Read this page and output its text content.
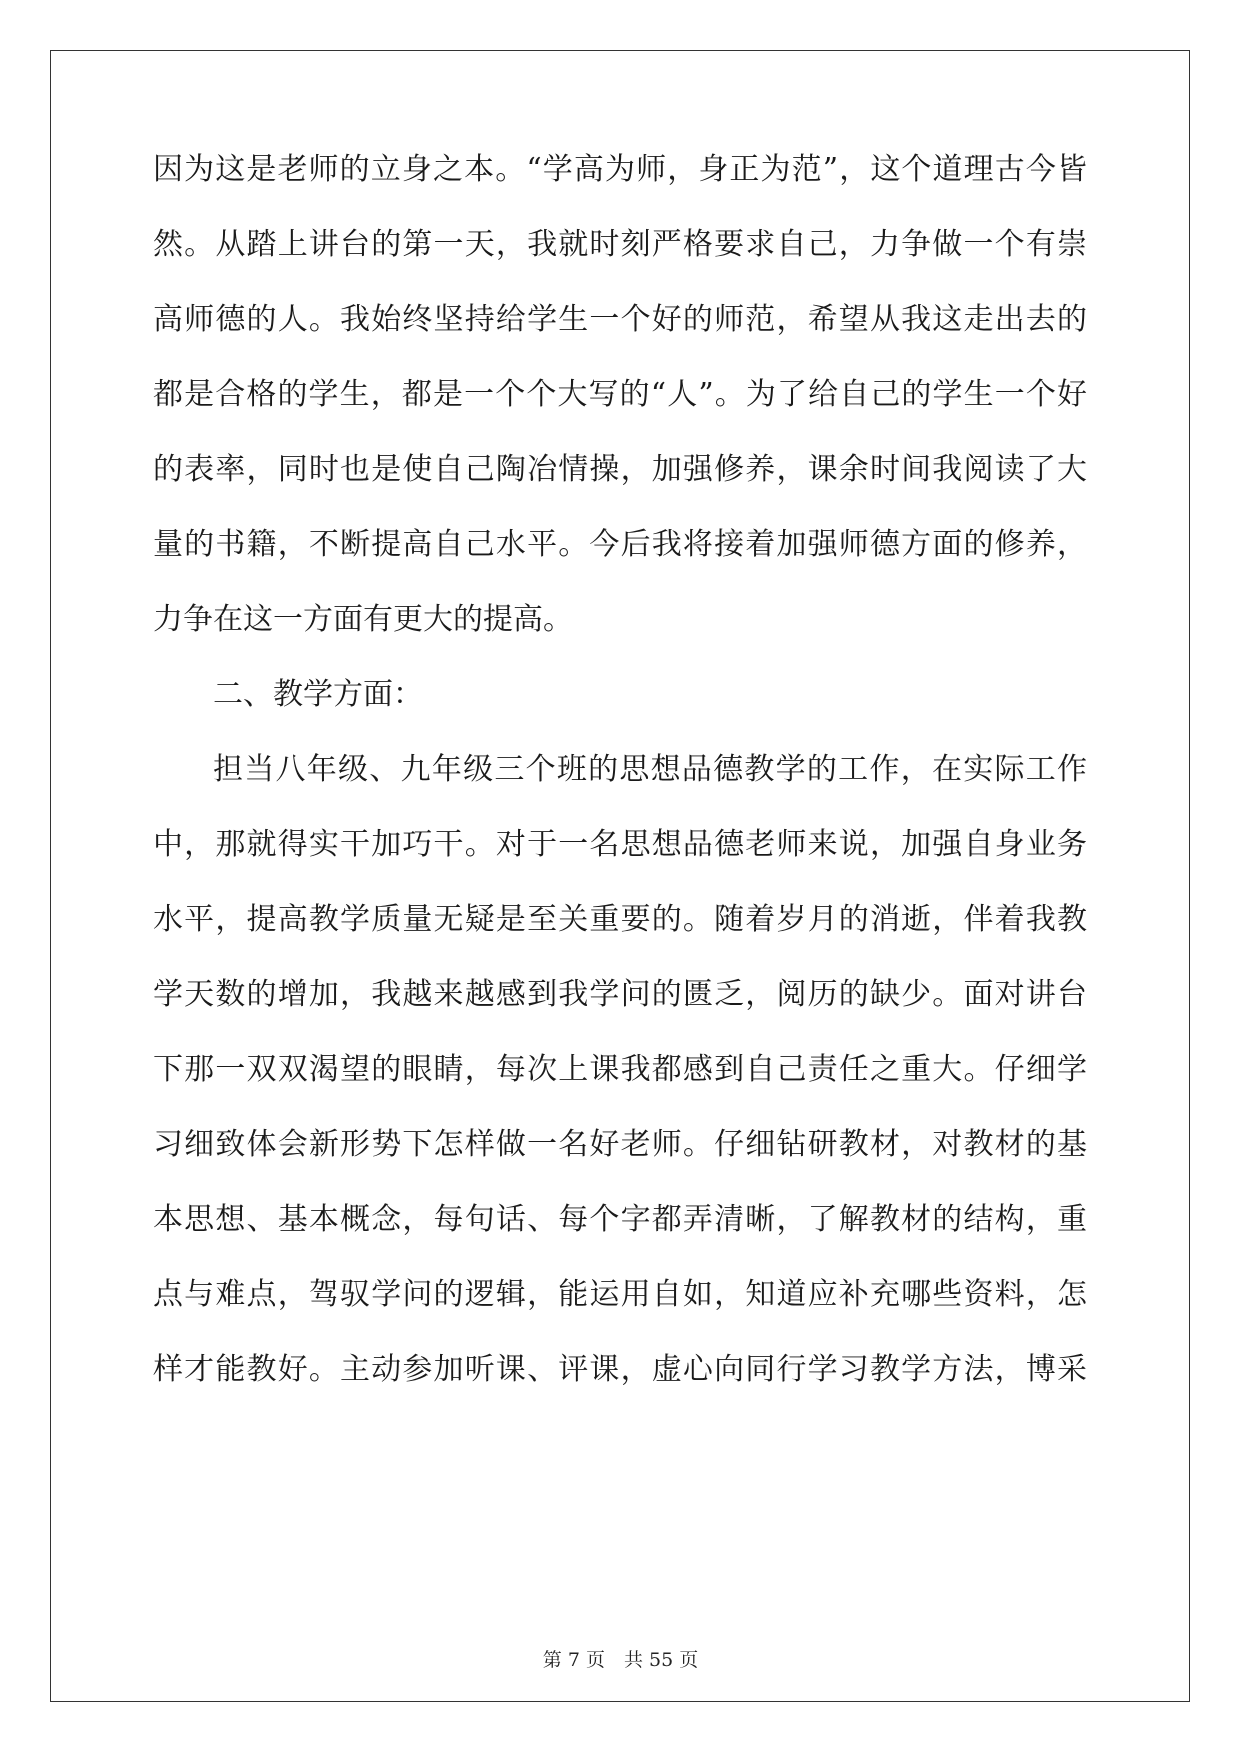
因为这是老师的立身之本。“学高为师，身正为范”，这个道理古今皆
然。从踏上讲台的第一天，我就时刻严格要求自己，力争做一个有崇
高师德的人。我始终坚持给学生一个好的师范，希望从我这走出去的
都是合格的学生，都是一个个大写的“人”。为了给自己的学生一个好
的表率，同时也是使自己陶冶情操，加强修养，课余时间我阅读了大
量的书籍，不断提高自己水平。今后我将接着加强师德方面的修养，
力争在这一方面有更大的提高。
二、教学方面：
担当八年级、九年级三个班的思想品德教学的工作，在实际工作
中，那就得实干加巧干。对于一名思想品德老师来说，加强自身业务
水平，提高教学质量无疑是至关重要的。随着岁月的消逝，伴着我教
学天数的增加，我越来越感到我学问的匮乏，阅历的缺少。面对讲台
下那一双双渴望的眼睛，每次上课我都感到自己责任之重大。仔细学
习细致体会新形势下怎样做一名好老师。仔细钻研教材，对教材的基
本思想、基本概念，每句话、每个字都弄清晰，了解教材的结构，重
点与难点，驾驭学问的逻辑，能运用自如，知道应补充哪些资料，怎
样才能教好。主动参加听课、评课，虚心向同行学习教学方法，博采
第 7 页　共 55 页
